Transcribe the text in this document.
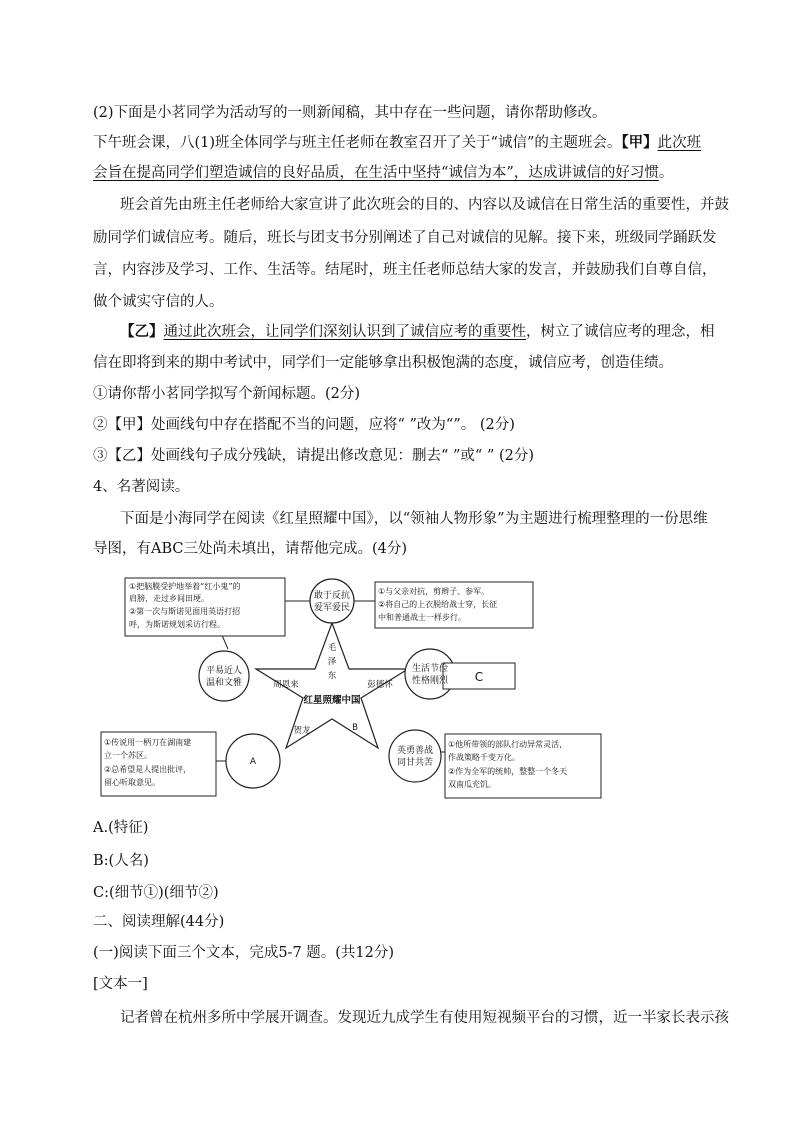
(2)下面是小茗同学为活动写的一则新闻稿，其中存在一些问题，请你帮助修改。
下午班会课，八(1)班全体同学与班主任老师在教室召开了关于“诚信”的主题班会。【甲】此次班
会旨在提高同学们塑造诚信的良好品质，在生活中坚持“诚信为本”，达成讲诚信的好习惯。
班会首先由班主任老师给大家宣讲了此次班会的目的、内容以及诚信在日常生活的重要性，并鼓
励同学们诚信应考。随后，班长与团支书分别阐述了自己对诚信的见解。接下来，班级同学踊跃发
言，内容涉及学习、工作、生活等。结尾时，班主任老师总结大家的发言，并鼓励我们自尊自信，
做个诚实守信的人。
【乙】通过此次班会，让同学们深刻认识到了诚信应考的重要性，树立了诚信应考的理念，相
信在即将到来的期中考试中，同学们一定能够拿出积极饱满的态度，诚信应考，创造佳绩。
①请你帮小茗同学拟写个新闻标题。(2分)
②【甲】处画线句中存在搭配不当的问题，应将“ ”改为“”。 (2分)
③【乙】处画线句子成分残缺，请提出修改意见：删去“ ”或“ ” (2分)
4、名著阅读。
下面是小海同学在阅读《红星照耀中国》，以“领袖人物形象”为主题进行梳理整理的一份思维
导图，有ABC三处尚未填出，请帮他完成。(4分)
敢于反抗
爱军爱民
平易近人
温和文雅
生活节俭
性格刚烈
A
英勇善战
同甘共苦
C
毛
泽
东
周恩来	彭德怀
贺龙	B
红星照耀中国
①把脑膜受护地举着“红小鬼”的
肩膀，走过乡间田埂。
②第一次与斯诺见面用英语打招
呼，为斯诺规划采访行程。
①与父亲对抗，剪辫子、参军。
②将自己的上衣脱给战士穿，长征
中和普通战士一样步行。
①传说用一柄刀在湖南建
立一个苏区。
②总希望是人提出批评，
留心听取意见。
①他所带领的部队行动异常灵活，
作战策略千变万化。
②作为全军的统帅，整整一个冬天
双南瓜充饥。
A.(特征)
B:(人名)
C:(细节①)(细节②)
二、阅读理解(44分)
(一)阅读下面三个文本，完成5-7 题。(共12分)
[文本一]
记者曾在杭州多所中学展开调查。发现近九成学生有使用短视频平台的习惯，近一半家长表示孩
